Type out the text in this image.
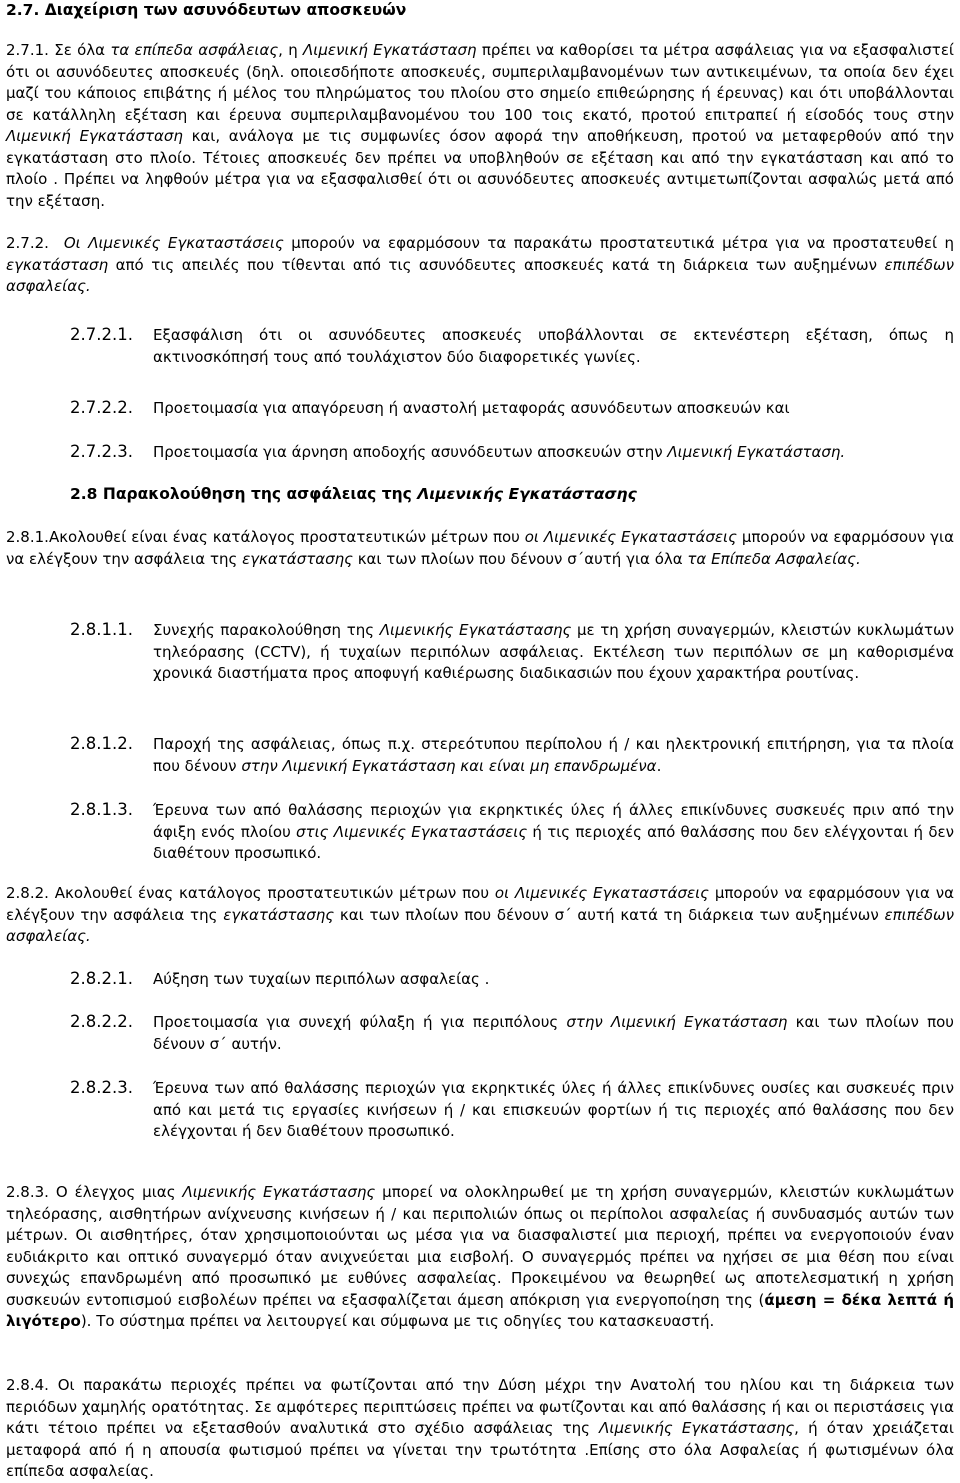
2.7. Διαχείριση των ασυνόδευτων αποσκευών

2.7.1. Σε όλα τα επίπεδα ασφάλειας, η Λιμενική Εγκατάσταση πρέπει να καθορίσει τα μέτρα ασφάλειας για να εξασφαλιστεί ότι οι ασυνόδευτες αποσκευές (δηλ. οποιεσδήποτε αποσκευές, συμπεριλαμβανομένων των αντικειμένων, τα οποία δεν έχει μαζί του κάποιος επιβάτης ή μέλος του πληρώματος του πλοίου στο σημείο επιθεώρησης ή έρευνας) και ότι υποβάλλονται σε κατάλληλη εξέταση και έρευνα συμπεριλαμβανομένου του 100 τοις εκατό, προτού επιτραπεί ή είσοδός τους στην Λιμενική Εγκατάσταση και, ανάλογα με τις συμφωνίες όσον αφορά την αποθήκευση, προτού να μεταφερθούν από την εγκατάσταση στο πλοίο. Τέτοιες αποσκευές δεν πρέπει να υποβληθούν σε εξέταση και από την εγκατάσταση και από το πλοίο . Πρέπει να ληφθούν μέτρα για να εξασφαλισθεί ότι οι ασυνόδευτες αποσκευές αντιμετωπίζονται ασφαλώς μετά από την εξέταση.

2.7.2. Οι Λιμενικές Εγκαταστάσεις μπορούν να εφαρμόσουν τα παρακάτω προστατευτικά μέτρα για να προστατευθεί η εγκατάσταση από τις απειλές που τίθενται από τις ασυνόδευτες αποσκευές κατά τη διάρκεια των αυξημένων επιπέδων ασφαλείας.

2.7.2.1. Εξασφάλιση ότι οι ασυνόδευτες αποσκευές υποβάλλονται σε εκτενέστερη εξέταση, όπως η ακτινοσκόπησή τους από τουλάχιστον δύο διαφορετικές γωνίες.

2.7.2.2. Προετοιμασία για απαγόρευση ή αναστολή μεταφοράς ασυνόδευτων αποσκευών και

2.7.2.3. Προετοιμασία για άρνηση αποδοχής ασυνόδευτων αποσκευών στην Λιμενική Εγκατάσταση.

2.8 Παρακολούθηση της ασφάλειας της Λιμενικής Εγκατάστασης

2.8.1.Ακολουθεί είναι ένας κατάλογος προστατευτικών μέτρων που οι Λιμενικές Εγκαταστάσεις μπορούν να εφαρμόσουν για να ελέγξουν την ασφάλεια της εγκατάστασης και των πλοίων που δένουν σ΄αυτή για όλα τα Επίπεδα Ασφαλείας.

2.8.1.1. Συνεχής παρακολούθηση της Λιμενικής Εγκατάστασης με τη χρήση συναγερμών, κλειστών κυκλωμάτων τηλεόρασης (CCTV), ή τυχαίων περιπόλων ασφάλειας. Εκτέλεση των περιπόλων σε μη καθορισμένα χρονικά διαστήματα προς αποφυγή καθιέρωσης διαδικασιών που έχουν χαρακτήρα ρουτίνας.

2.8.1.2. Παροχή της ασφάλειας, όπως π.χ. στερεότυπου περίπολου ή / και ηλεκτρονική επιτήρηση, για τα πλοία που δένουν στην Λιμενική Εγκατάσταση και είναι μη επανδρωμένα.

2.8.1.3. Έρευνα των από θαλάσσης περιοχών για εκρηκτικές ύλες ή άλλες επικίνδυνες συσκευές πριν από την άφιξη ενός πλοίου στις Λιμενικές Εγκαταστάσεις ή τις περιοχές από θαλάσσης που δεν ελέγχονται ή δεν διαθέτουν προσωπικό.

2.8.2. Ακολουθεί ένας κατάλογος προστατευτικών μέτρων που οι Λιμενικές Εγκαταστάσεις μπορούν να εφαρμόσουν για να ελέγξουν την ασφάλεια της εγκατάστασης και των πλοίων που δένουν σ΄ αυτή κατά τη διάρκεια των αυξημένων επιπέδων ασφαλείας.

2.8.2.1. Αύξηση των τυχαίων περιπόλων ασφαλείας .

2.8.2.2. Προετοιμασία για συνεχή φύλαξη ή για περιπόλους στην Λιμενική Εγκατάσταση και των πλοίων που δένουν σ΄ αυτήν.

2.8.2.3. Έρευνα των από θαλάσσης περιοχών για εκρηκτικές ύλες ή άλλες επικίνδυνες ουσίες και συσκευές πριν από και μετά τις εργασίες κινήσεων ή / και επισκευών φορτίων ή τις περιοχές από θαλάσσης που δεν ελέγχονται ή δεν διαθέτουν προσωπικό.

2.8.3. Ο έλεγχος μιας Λιμενικής Εγκατάστασης μπορεί να ολοκληρωθεί με τη χρήση συναγερμών, κλειστών κυκλωμάτων τηλεόρασης, αισθητήρων ανίχνευσης κινήσεων ή / και περιπολιών όπως οι περίπολοι ασφαλείας ή συνδυασμός αυτών των μέτρων. Οι αισθητήρες, όταν χρησιμοποιούνται ως μέσα για να διασφαλιστεί μια περιοχή, πρέπει να ενεργοποιούν έναν ευδιάκριτο και οπτικό συναγερμό όταν ανιχνεύεται μια εισβολή. Ο συναγερμός πρέπει να ηχήσει σε μια θέση που είναι συνεχώς επανδρωμένη από προσωπικό με ευθύνες ασφαλείας. Προκειμένου να θεωρηθεί ως αποτελεσματική η χρήση συσκευών εντοπισμού εισβολέων πρέπει να εξασφαλίζεται άμεση απόκριση για ενεργοποίηση της (άμεση = δέκα λεπτά ή λιγότερο). Το σύστημα πρέπει να λειτουργεί και σύμφωνα με τις οδηγίες του κατασκευαστή.

2.8.4. Οι παρακάτω περιοχές πρέπει να φωτίζονται από την Δύση μέχρι την Ανατολή του ηλίου και τη διάρκεια των περιόδων χαμηλής ορατότητας. Σε αμφότερες περιπτώσεις πρέπει να φωτίζονται και από θαλάσσης ή και οι περιστάσεις για κάτι τέτοιο πρέπει να εξετασθούν αναλυτικά στο σχέδιο ασφάλειας της Λιμενικής Εγκατάστασης, ή όταν χρειάζεται μεταφορά από ή η απουσία φωτισμού πρέπει να γίνεται την τρωτότητα .Επίσης στο όλα Ασφαλείας ή φωτισμένων όλα επίπεδα ασφαλείας.
